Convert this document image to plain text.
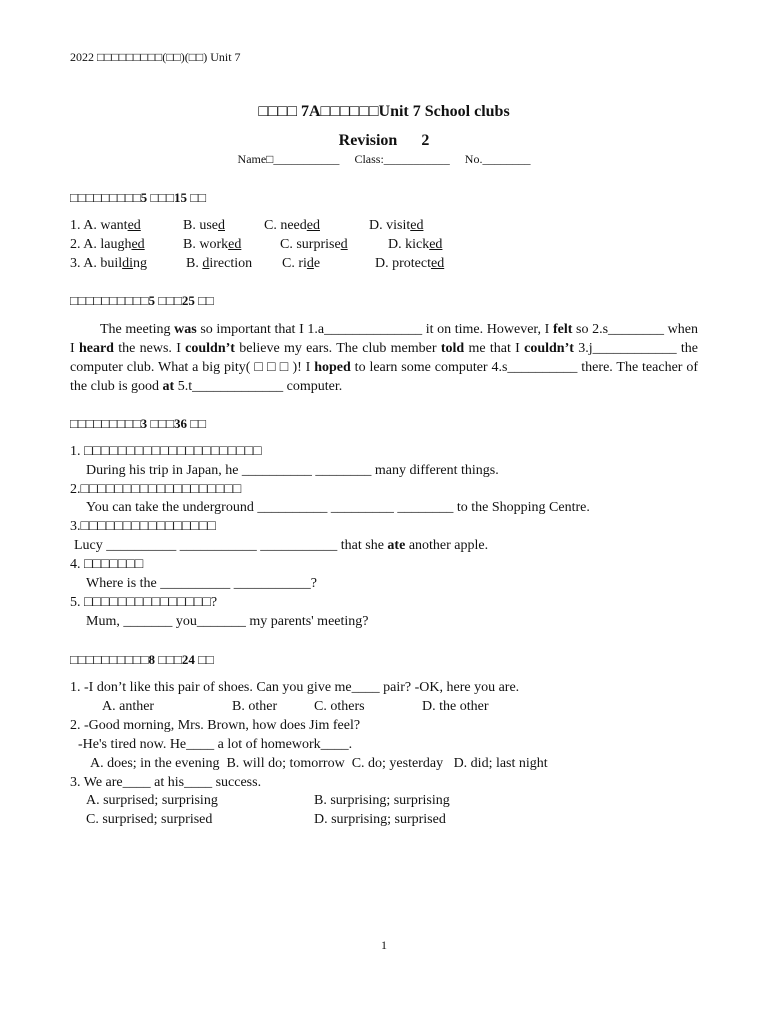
2022 □□□□□□□□□(□□)(□□) Unit 7
□□□□ 7A□□□□□□Unit 7 School clubs
Revision 2
Name□___________ Class:___________ No.________
□□□□□□□□□5 □□□15 □□
1. A. wanted	B. used	C. needed	D. visited
2. A. laughed	B. worked	C. surprised	D. kicked
3. A. building	B. direction C. ride	D. protected
□□□□□□□□□□5 □□□25 □□

The meeting was so important that I 1.a______________ it on time. However, I felt so 2.s________ when I heard the news. I couldn’t believe my ears. The club member told me that I couldn’t 3.j____________ the computer club. What a big pity( □ □ □ )! I hoped to learn some computer 4.s__________ there. The teacher of the club is good at 5.t_____________ computer.

□□□□□□□□□3 □□□36 □□
1. □□□□□□□□□□□□□□□□□□□□□
During his trip in Japan, he __________ ________ many different things.
2.□□□□□□□□□□□□□□□□□□□
You can take the underground __________ _________ ________ to the Shopping Centre.
3.□□□□□□□□□□□□□□□□
Lucy __________ ___________ ___________ that she ate another apple.
4. □□□□□□□
Where is the __________ ___________?
5. □□□□□□□□□□□□□□□?
Mum, _______ you_______ my parents' meeting?
□□□□□□□□□□8 □□□24 □□
1. -I don’t like this pair of shoes. Can you give me____ pair? -OK, here you are.
A. anther	B. other	C. others	D. the other
2. -Good morning, Mrs. Brown, how does Jim feel?
-He's tired now. He____ a lot of homework____.
A. does; in the evening  B. will do; tomorrow  C. do; yesterday   D. did; last night
3. We are____ at his____ success.
A. surprised; surprising	B. surprising; surprising
C. surprised; surprised	D. surprising; surprised
1
